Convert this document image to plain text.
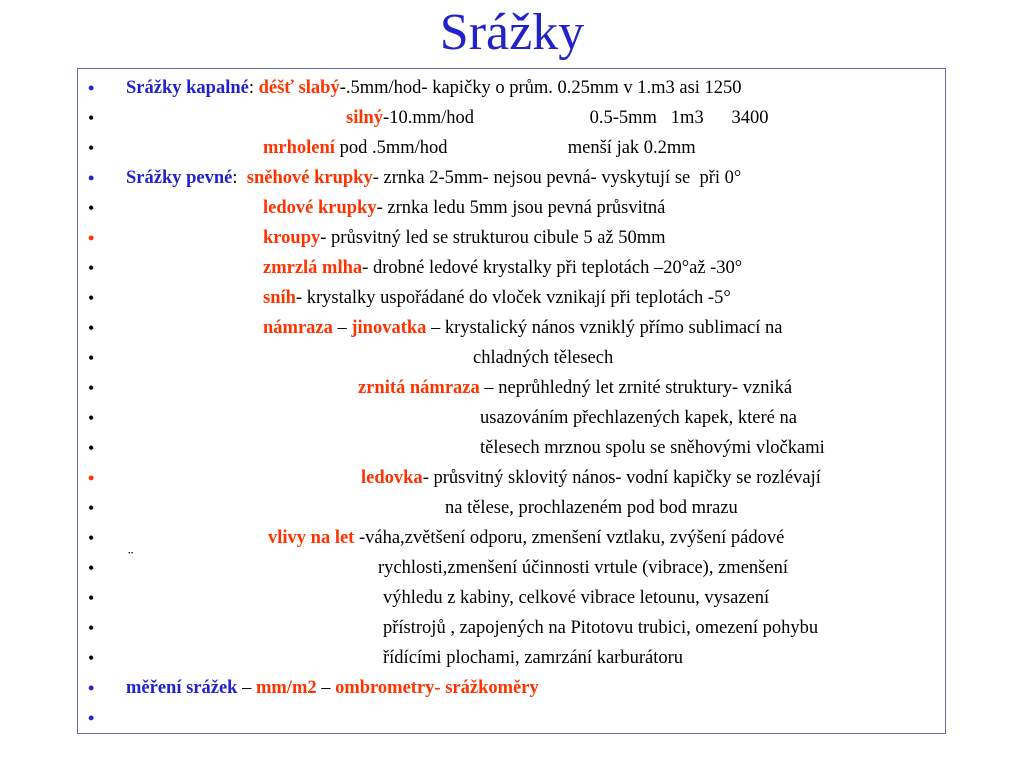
Srážky
• Srážky kapalné: déšť slabý-.5mm/hod- kapičky o prům. 0.25mm v 1.m3 asi 1250
•	silný-10.mm/hod                         0.5-5mm   1m3      3400
•	mrholení pod .5mm/hod                          menší jak 0.2mm
• Srážky pevné:  sněhové krupky- zrnka 2-5mm- nejsou pevná- vyskytují se  při 0°
•	ledové krupky- zrnka ledu 5mm jsou pevná průsvitná
•	kroupy- průsvitný led se strukturou cibule 5 až 50mm
•	zmrzlá mlha- drobné ledové krystalky při teplotách –20°až -30°
•	sníh- krystalky uspořádané do vloček vznikají při teplotách -5°
•	námraza – jinovatka – krystalický nános vzniklý přímo sublimací na
•	chladných tělesech
•	zrnitá námraza – neprůhledný let zrnité struktury- vzniká
•	usazováním přechlazených kapek, které na
•	tělesech mrznou spolu se sněhovými vločkami
•	ledovka- průsvitný sklovitý nános- vodní kapičky se rozlévají
•	na tělese, prochlazeném pod bod mrazu
•	vlivy na let -váha,zvětšení odporu, zmenšení vztlaku, zvýšení pádové
•
¨
rychlosti,zmenšení účinnosti vrtule (vibrace), zmenšení
•	výhledu z kabiny, celkové vibrace letounu, vysazení
•	přístrojů , zapojených na Pitotovu trubici, omezení pohybu
•	řídícími plochami, zamrzání karburátoru
• měření srážek – mm/m2 – ombrometry- srážkoměry
•
